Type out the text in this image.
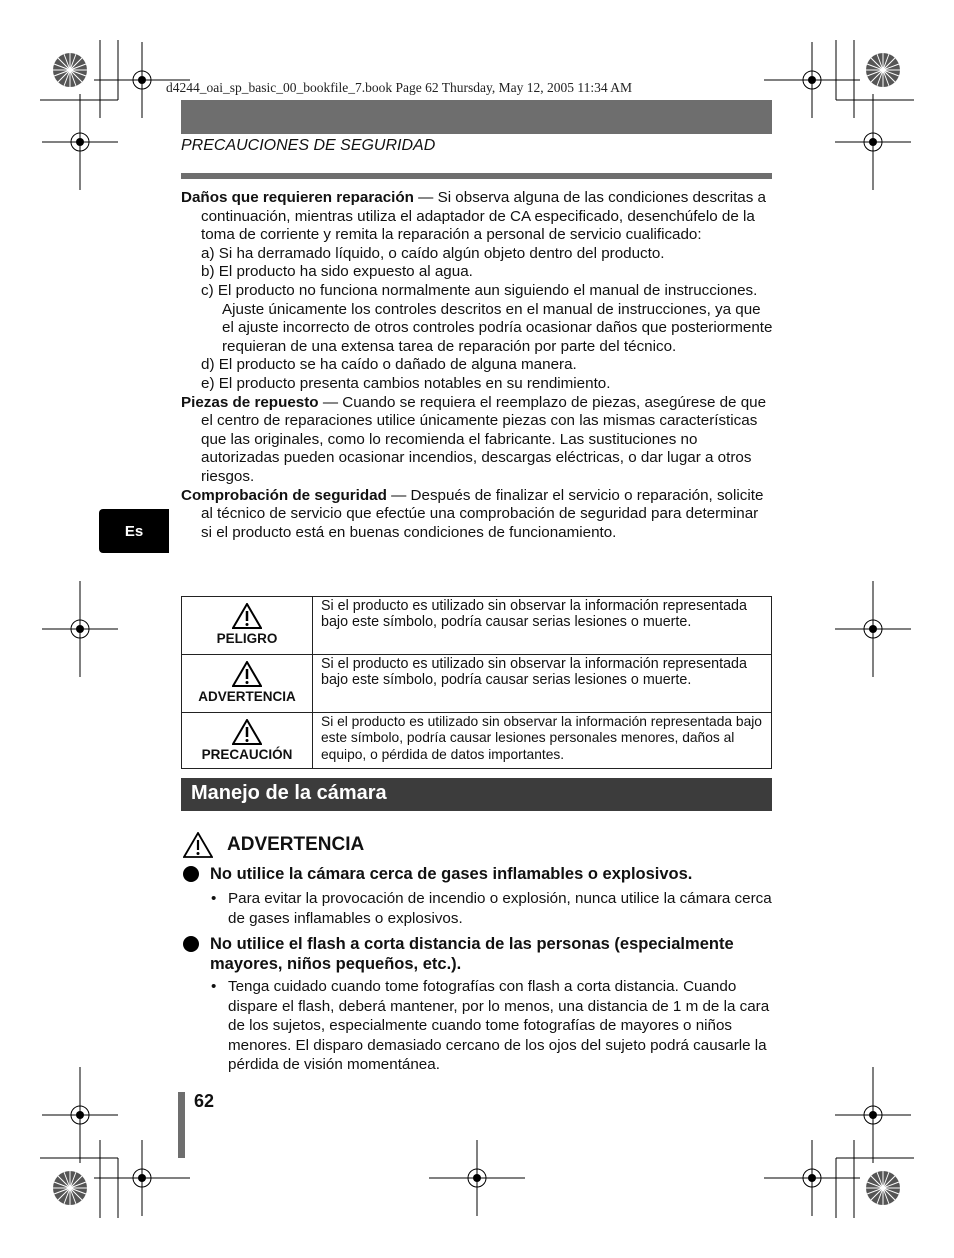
d4244_oai_sp_basic_00_bookfile_7.book Page 62 Thursday, May 12, 2005 11:34 AM
PRECAUCIONES DE SEGURIDAD
Es

Daños que requieren reparación — Si observa alguna de las condiciones descritas a continuación, mientras utiliza el adaptador de CA especificado, desenchúfelo de la toma de corriente y remita la reparación a personal de servicio cualificado:

a) Si ha derramado líquido, o caído algún objeto dentro del producto.

b) El producto ha sido expuesto al agua.

c) El producto no funciona normalmente aun siguiendo el manual de instrucciones. Ajuste únicamente los controles descritos en el manual de instrucciones, ya que el ajuste incorrecto de otros controles podría ocasionar daños que posteriormente requieran de una extensa tarea de reparación por parte del técnico.

d) El producto se ha caído o dañado de alguna manera.

e) El producto presenta cambios notables en su rendimiento.

Piezas de repuesto — Cuando se requiera el reemplazo de piezas, asegúrese de que el centro de reparaciones utilice únicamente piezas con las mismas características que las originales, como lo recomienda el fabricante. Las sustituciones no autorizadas pueden ocasionar incendios, descargas eléctricas, o dar lugar a otros riesgos.

Comprobación de seguridad — Después de finalizar el servicio o reparación, solicite al técnico de servicio que efectúe una comprobación de seguridad para determinar si el producto está en buenas condiciones de funcionamiento.

PELIGRO	Si el producto es utilizado sin observar la información representada bajo este símbolo, podría causar serias lesiones o muerte.

ADVERTENCIA	Si el producto es utilizado sin observar la información representada bajo este símbolo, podría causar serias lesiones o muerte.

PRECAUCIÓN	Si el producto es utilizado sin observar la información representada bajo este símbolo, podría causar lesiones personales menores, daños al equipo, o pérdida de datos importantes.
Manejo de la cámara
ADVERTENCIA
No utilice la cámara cerca de gases inflamables o explosivos.
• Para evitar la provocación de incendio o explosión, nunca utilice la cámara cerca de gases inflamables o explosivos.
No utilice el flash a corta distancia de las personas (especialmente mayores, niños pequeños, etc.).
• Tenga cuidado cuando tome fotografías con flash a corta distancia. Cuando dispare el flash, deberá mantener, por lo menos, una distancia de 1 m de la cara de los sujetos, especialmente cuando tome fotografías de mayores o niños menores. El disparo demasiado cercano de los ojos del sujeto podrá causarle la pérdida de visión momentánea.
62
